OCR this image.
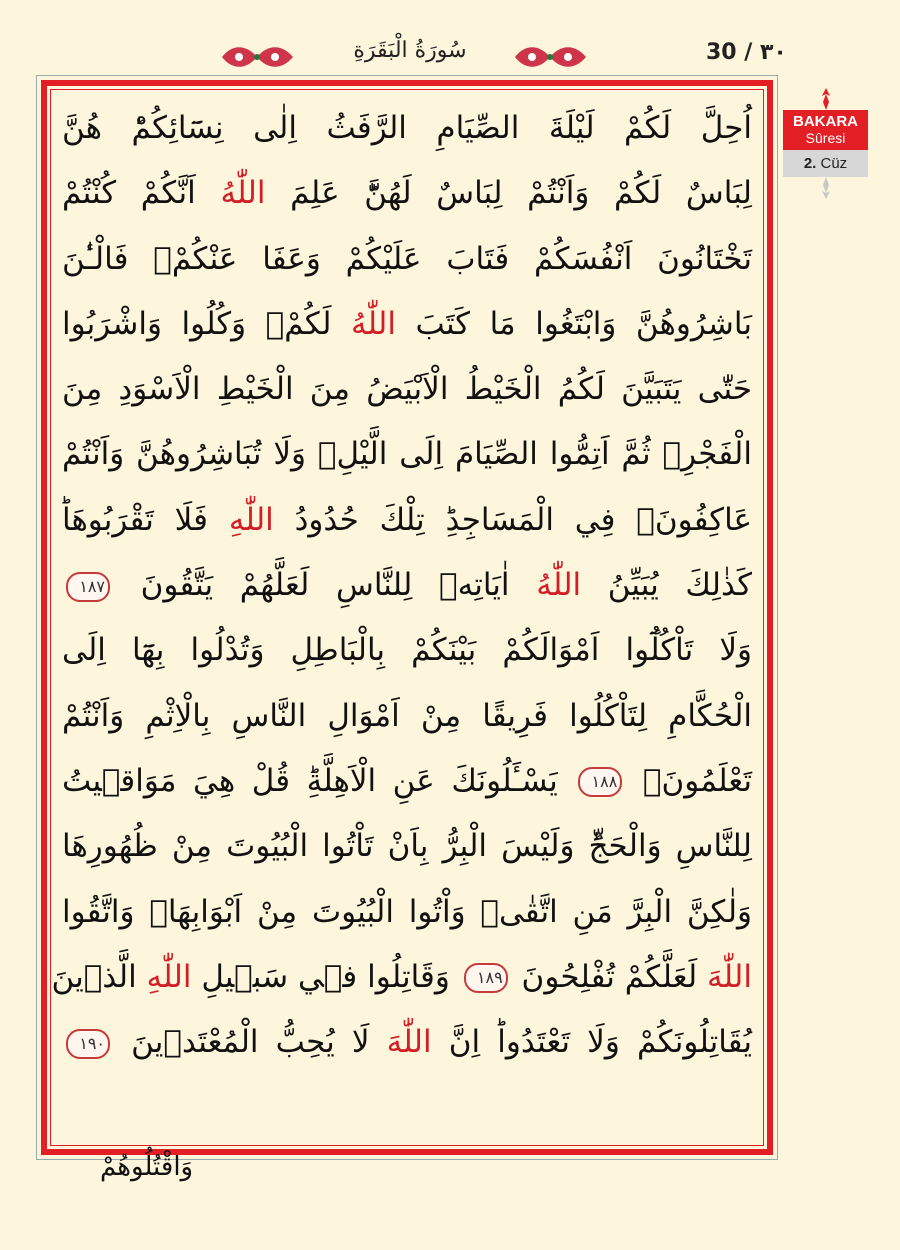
30 / ٣٠
سُورَةُ الْبَقَرَةِ
اُحِلَّ لَكُمْ لَيْلَةَ الصِّيَامِ الرَّفَثُ اِلٰى نِسَٓائِكُمْؕ هُنَّ
لِبَاسٌ لَكُمْ وَاَنْتُمْ لِبَاسٌ لَهُنَّؕ عَلِمَ اللّٰهُ اَنَّكُمْ كُنْتُمْ
تَخْتَانُونَ اَنْفُسَكُمْ فَتَابَ عَلَيْكُمْ وَعَفَا عَنْكُمْۚ فَالْـٰٔنَ
بَاشِرُوهُنَّ وَابْتَغُوا مَا كَتَبَ اللّٰهُ لَكُمْۖ وَكُلُوا وَاشْرَبُوا
حَتّٰى يَتَبَيَّنَ لَكُمُ الْخَيْطُ الْاَبْيَضُ مِنَ الْخَيْطِ الْاَسْوَدِ مِنَ
الْفَجْرِۖ ثُمَّ اَتِمُّوا الصِّيَامَ اِلَى الَّيْلِۚ وَلَا تُبَاشِرُوهُنَّ وَاَنْتُمْ
عَاكِفُونَۙ فِي الْمَسَاجِدِؕ تِلْكَ حُدُودُ اللّٰهِ فَلَا تَقْرَبُوهَاؕ
كَذٰلِكَ يُبَيِّنُ اللّٰهُ اٰيَاتِه۪ لِلنَّاسِ لَعَلَّهُمْ يَتَّقُونَ ١٨٧
وَلَا تَاْكُلُٓوا اَمْوَالَكُمْ بَيْنَكُمْ بِالْبَاطِلِ وَتُدْلُوا بِهَٓا اِلَى
الْحُكَّامِ لِتَاْكُلُوا فَرِيقًا مِنْ اَمْوَالِ النَّاسِ بِالْاِثْمِ وَاَنْتُمْ
تَعْلَمُونَ۟ ١٨٨ يَسْـَٔلُونَكَ عَنِ الْاَهِلَّةِؕ قُلْ هِيَ مَوَاق۪يتُ
لِلنَّاسِ وَالْحَجِّؕ وَلَيْسَ الْبِرُّ بِاَنْ تَاْتُوا الْبُيُوتَ مِنْ ظُهُورِهَا
وَلٰكِنَّ الْبِرَّ مَنِ اتَّقٰىۚ وَاْتُوا الْبُيُوتَ مِنْ اَبْوَابِهَاۖ وَاتَّقُوا
اللّٰهَ لَعَلَّكُمْ تُفْلِحُونَ ١٨٩ وَقَاتِلُوا ف۪ي سَب۪يلِ اللّٰهِ الَّذ۪ينَ
يُقَاتِلُونَكُمْ وَلَا تَعْتَدُواؕ اِنَّ اللّٰهَ لَا يُحِبُّ الْمُعْتَد۪ينَ ١٩٠
وَاقْتُلُوهُمْ
BAKARA
Sûresi
2. Cüz
